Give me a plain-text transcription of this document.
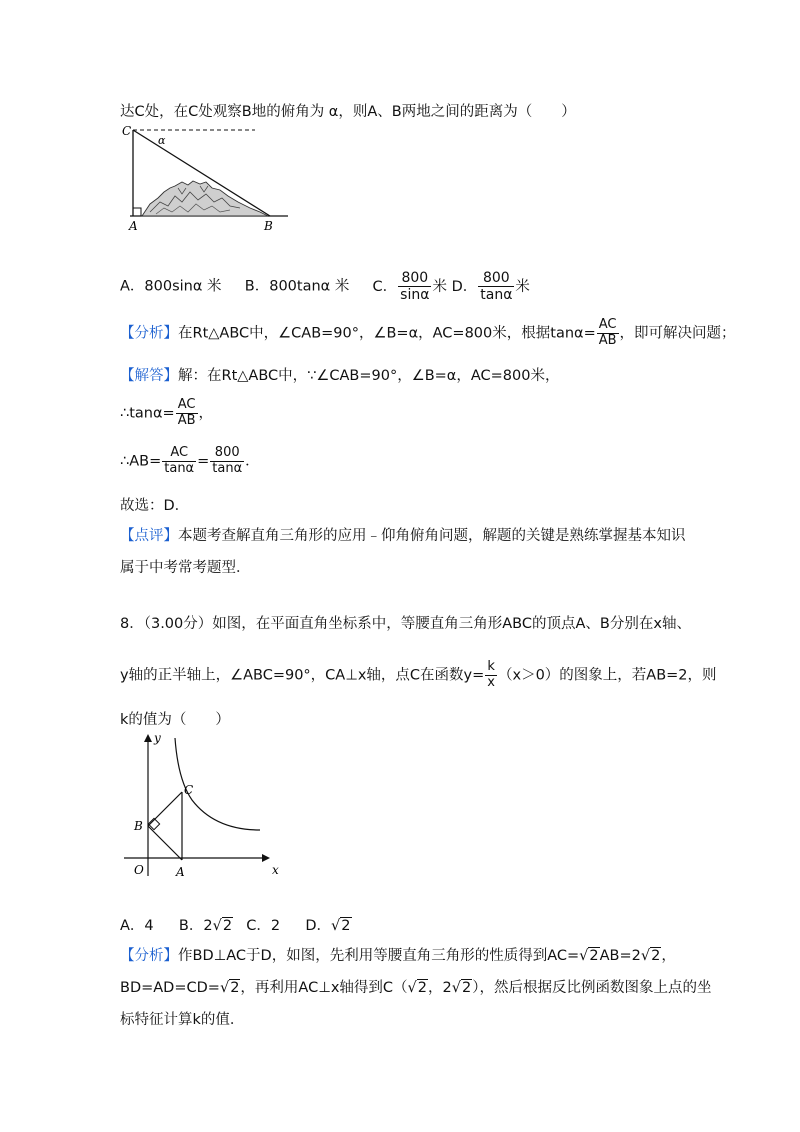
达C处，在C处观察B地的俯角为 α，则A、B两地之间的距离为（　　）
C
α
A	B
A．800sinα 米 B．800tanα 米 C． $\frac{800}{\sin\alpha}$ 米 D． $\frac{800}{\tan\alpha}$ 米
【分析】在Rt△ABC中，∠CAB=90°，∠B=α，AC=800米，根据$\tan\alpha= \frac{AC}{AB}$ ，即可解决问题；
【解答】解：在Rt△ABC中，∵∠CAB=90°，∠B=α，AC=800米，
∴tanα= $\frac{AC}{AB}$ ，
∴AB= $\frac{AC}{\tan\alpha} = \frac{800}{\tan\alpha}$ ．
故选：D．
【点评】本题考查解直角三角形的应用﹣仰角俯角问题，解题的关键是熟练掌握基本知识
属于中考常考题型．
8．（3.00分）如图，在平面直角坐标系中，等腰直角三角形ABC的顶点A、B分别在x轴、
y轴的正半轴上，∠ABC=90°，CA⊥x轴，点C在函数$y= \frac{k}{x} (x>0)$的图象上，若AB=2，则
k的值为（　　）
y
x
O	A
B
C
A．4 B．2√2 C．2 D．√2
【分析】作BD⊥AC于D，如图，先利用等腰直角三角形的性质得到AC=√2AB=2√2，
BD=AD=CD=√2，再利用AC⊥x轴得到C（√2，2√2），然后根据反比例函数图象上点的坐
标特征计算k的值．
